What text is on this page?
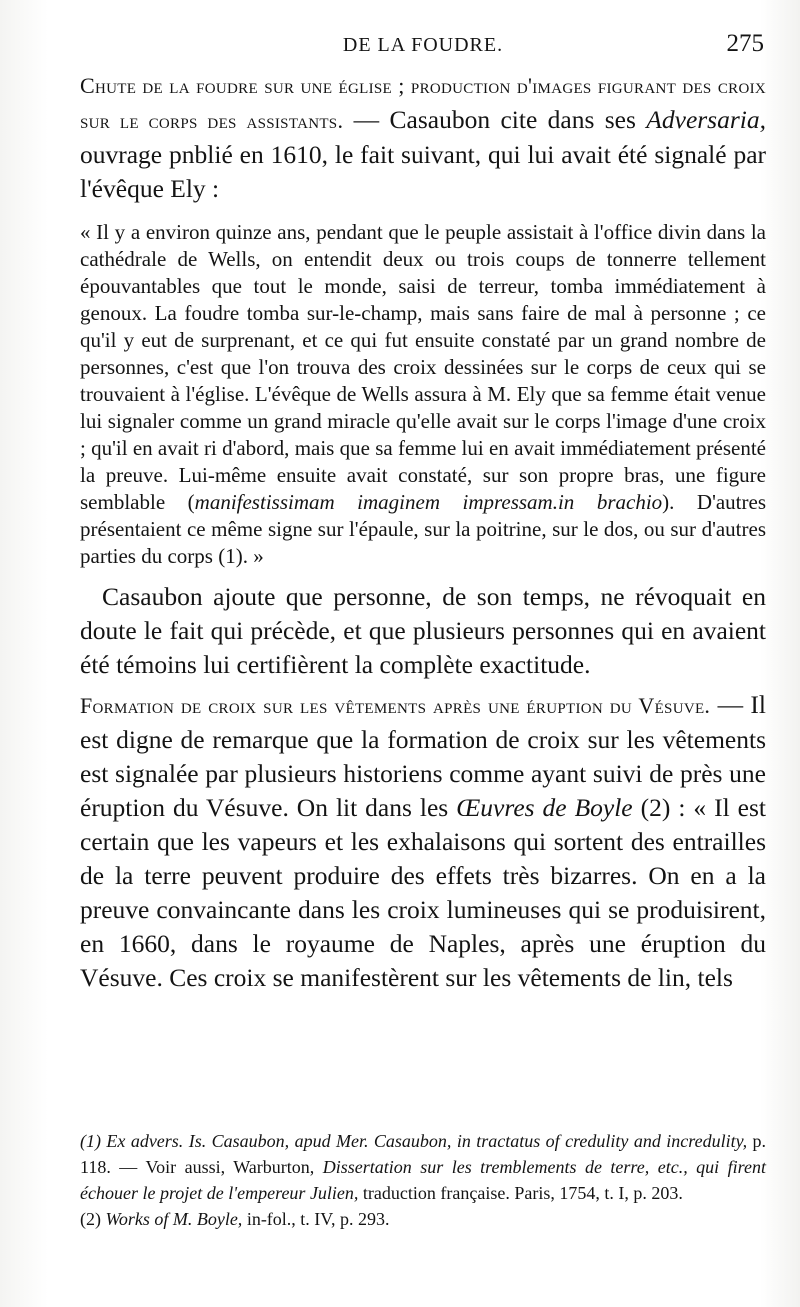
DE LA FOUDRE.	275

Chute de la foudre sur une église ; production d'images figurant des croix sur le corps des assistants. — Casaubon cite dans ses Adversaria, ouvrage pnblié en 1610, le fait suivant, qui lui avait été signalé par l'évêque Ely :

« Il y a environ quinze ans, pendant que le peuple assistait à l'office divin dans la cathédrale de Wells, on entendit deux ou trois coups de tonnerre tellement épouvantables que tout le monde, saisi de terreur, tomba immédiatement à genoux. La foudre tomba sur-le-champ, mais sans faire de mal à personne ; ce qu'il y eut de surprenant, et ce qui fut ensuite constaté par un grand nombre de personnes, c'est que l'on trouva des croix dessinées sur le corps de ceux qui se trouvaient à l'église. L'évêque de Wells assura à M. Ely que sa femme était venue lui signaler comme un grand miracle qu'elle avait sur le corps l'image d'une croix ; qu'il en avait ri d'abord, mais que sa femme lui en avait immédiatement présenté la preuve. Lui-même ensuite avait constaté, sur son propre bras, une figure semblable (manifestissimam imaginem impressam.in brachio). D'autres présentaient ce même signe sur l'épaule, sur la poitrine, sur le dos, ou sur d'autres parties du corps (1). »

Casaubon ajoute que personne, de son temps, ne révoquait en doute le fait qui précède, et que plusieurs personnes qui en avaient été témoins lui certifièrent la complète exactitude.

Formation de croix sur les vêtements après une éruption du Vésuve. — Il est digne de remarque que la formation de croix sur les vêtements est signalée par plusieurs historiens comme ayant suivi de près une éruption du Vésuve. On lit dans les Œuvres de Boyle (2) : « Il est certain que les vapeurs et les exhalaisons qui sortent des entrailles de la terre peuvent produire des effets très bizarres. On en a la preuve convaincante dans les croix lumineuses qui se produisirent, en 1660, dans le royaume de Naples, après une éruption du Vésuve. Ces croix se manifestèrent sur les vêtements de lin, tels

(1) Ex advers. Is. Casaubon, apud Mer. Casaubon, in tractatus of credulity and incredulity, p. 118. — Voir aussi, Warburton, Dissertation sur les tremblements de terre, etc., qui firent échouer le projet de l'empereur Julien, traduction française. Paris, 1754, t. I, p. 203.

(2) Works of M. Boyle, in-fol., t. IV, p. 293.
